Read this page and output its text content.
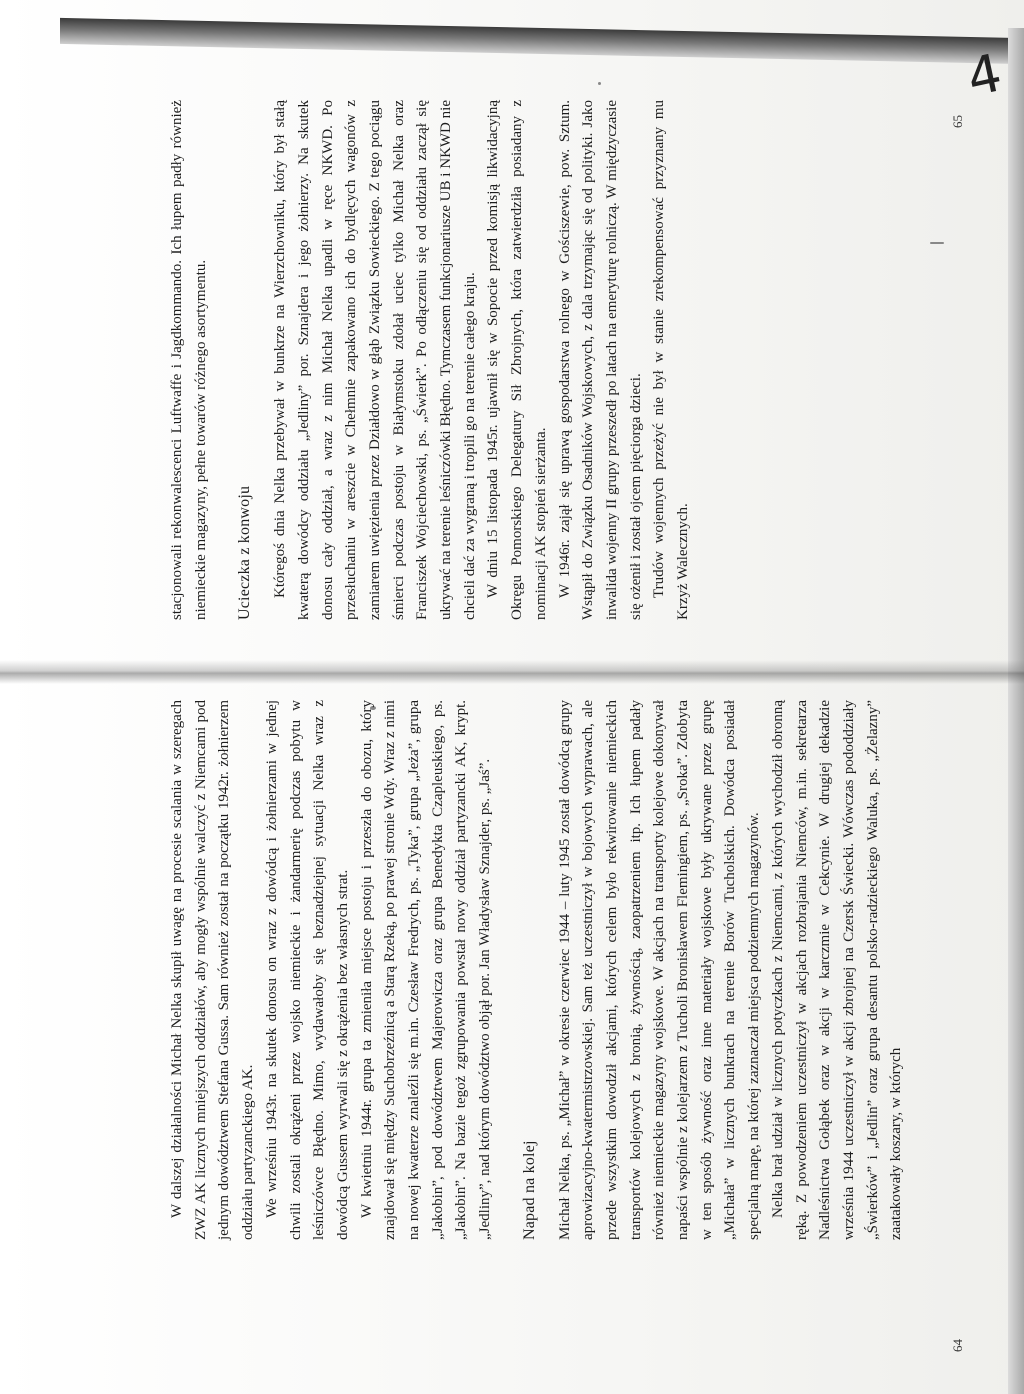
W dalszej działalności Michał Nelka skupił uwagę na procesie scalania w szeregach ZWZ AK licznych mniejszych oddziałów, aby mogły wspólnie walczyć z Niemcami pod jednym dowództwem Stefana Gussa. Sam również został na początku 1942r. żołnierzem oddziału partyzanckiego AK. We wrześniu 1943r. na skutek donosu on wraz z dowódcą i żołnierzami w jednej chwili zostali okrążeni przez wojsko niemieckie i żandarmerię podczas pobytu w leśniczówce Błędno. Mimo, wydawałoby się beznadziejnej sytuacji Nelka wraz z dowódcą Gussem wyrwali się z okrążenia bez własnych strat. W kwietniu 1944r. grupa ta zmieniła miejsce postoju i przeszła do obozu, który znajdował się między Suchobrzeźnicą a Starą Rzeką, po prawej stronie Wdy. Wraz z nimi na nowej kwaterze znaleźli się m.in. Czesław Fredrych, ps. „Tyka”, grupa „Jeża”, grupa „Jakobin”, pod dowództwem Majerowicza oraz grupa Benedykta Czapleuskiego, ps. „Jakobin”. Na bazie tegoż zgrupowania powstał nowy oddział partyzancki AK, krypt. „Jedliny”, nad którym dowództwo objął por. Jan Władysław Sznajder, ps. „Jaś”. Napad na kolej Michał Nelka, ps. „Michał” w okresie czerwiec 1944 – luty 1945 został dowódcą grupy aprowizacyjno-kwatermistrzowskiej. Sam też uczestniczył w bojowych wyprawach, ale przede wszystkim dowodził akcjami, których celem było rekwirowanie niemieckich transportów kolejowych z bronią, żywnością, zaopatrzeniem itp. Ich łupem padały również niemieckie magazyny wojskowe. W akcjach na transporty kolejowe dokonywał napaści wspólnie z kolejarzem z Tucholi Bronisławem Flemingiem, ps. „Sroka”. Zdobyta w ten sposób żywność oraz inne materiały wojskowe były ukrywane przez grupę „Michała” w licznych bunkrach na terenie Borów Tucholskich. Dowódca posiadał specjalną mapę, na której zaznaczał miejsca podziemnych magazynów. Nelka brał udział w licznych potyczkach z Niemcami, z których wychodził obronną ręką. Z powodzeniem uczestniczył w akcjach rozbrajania Niemców, m.in. sekretarza Nadleśnictwa Gołąbek oraz w akcji w karczmie w Cekcynie. W drugiej dekadzie września 1944 uczestniczył w akcji zbrojnej na Czersk Świecki. Wówczas pododdziały „Świerków” i „Jedlin” oraz grupa desantu polsko-radzieckiego Waluka, ps. „Żelazny” zaatakowały koszary, w których

stacjonowali rekonwalescenci Luftwaffe i Jagdkommando. Ich łupem padły również niemieckie magazyny, pełne towarów różnego asortymentu. Ucieczka z konwoju Któregoś dnia Nelka przebywał w bunkrze na Wierzchowniku, który był stałą kwaterą dowódcy oddziału „Jedliny” por. Sznajdera i jego żołnierzy. Na skutek donosu cały oddział, a wraz z nim Michał Nelka upadli w ręce NKWD. Po przesłuchaniu w areszcie w Chełmnie zapakowano ich do bydlęcych wagonów z zamiarem uwięzienia przez Działdowo w głąb Związku Sowieckiego. Z tego pociągu śmierci podczas postoju w Białymstoku zdołał uciec tylko Michał Nelka oraz Franciszek Wojciechowski, ps. „Świerk”. Po odłączeniu się od oddziału zaczął się ukrywać na terenie leśniczówki Błędno. Tymczasem funkcjonariusze UB i NKWD nie chcieli dać za wygraną i tropili go na terenie całego kraju. W dniu 15 listopada 1945r. ujawnił się w Sopocie przed komisją likwidacyjną Okręgu Pomorskiego Delegatury Sił Zbrojnych, która zatwierdziła posiadany z nominacji AK stopień sierżanta. W 1946r. zajął się uprawą gospodarstwa rolnego w Gościszewie, pow. Sztum. Wstąpił do Związku Osadników Wojskowych, z dala trzymając się od polityki. Jako inwalida wojenny II grupy przeszedł po latach na emeryturę rolniczą. W międzyczasie się ożenił i został ojcem pięciorga dzieci. Trudów wojennych przeżyć nie był w stanie zrekompensować przyznany mu Krzyż Walecznych.

64
65
4
